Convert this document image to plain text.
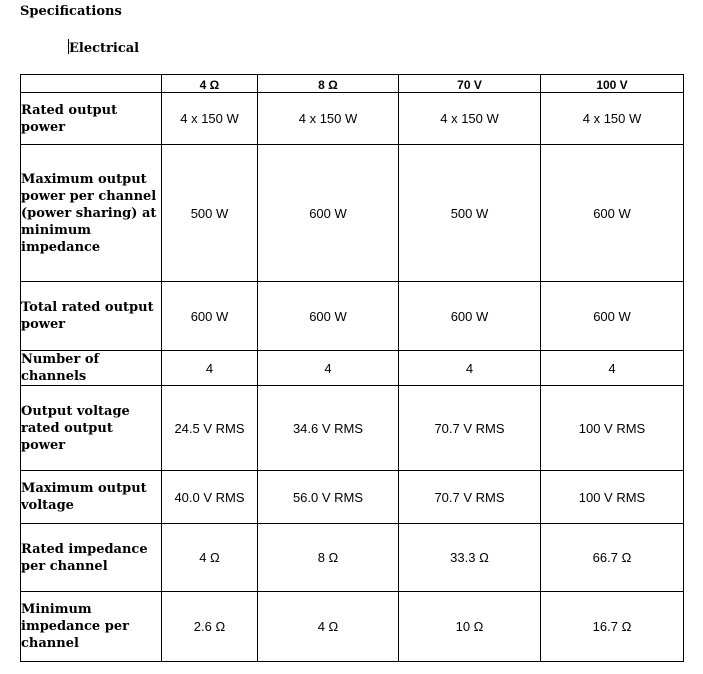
Specifications
Electrical
	4 Ω	8 Ω	70 V	100 V
Rated output power	4 x 150 W	4 x 150 W	4 x 150 W	4 x 150 W
Maximum output power per channel (power sharing) at minimum impedance	500 W	600 W	500 W	600 W
Total rated output power	600 W	600 W	600 W	600 W
Number of channels	4	4	4	4
Output voltage rated output power	24.5 V RMS	34.6 V RMS	70.7 V RMS	100 V RMS
Maximum output voltage	40.0 V RMS	56.0 V RMS	70.7 V RMS	100 V RMS
Rated impedance per channel	4 Ω	8 Ω	33.3 Ω	66.7 Ω
Minimum impedance per channel	2.6 Ω	4 Ω	10 Ω	16.7 Ω
